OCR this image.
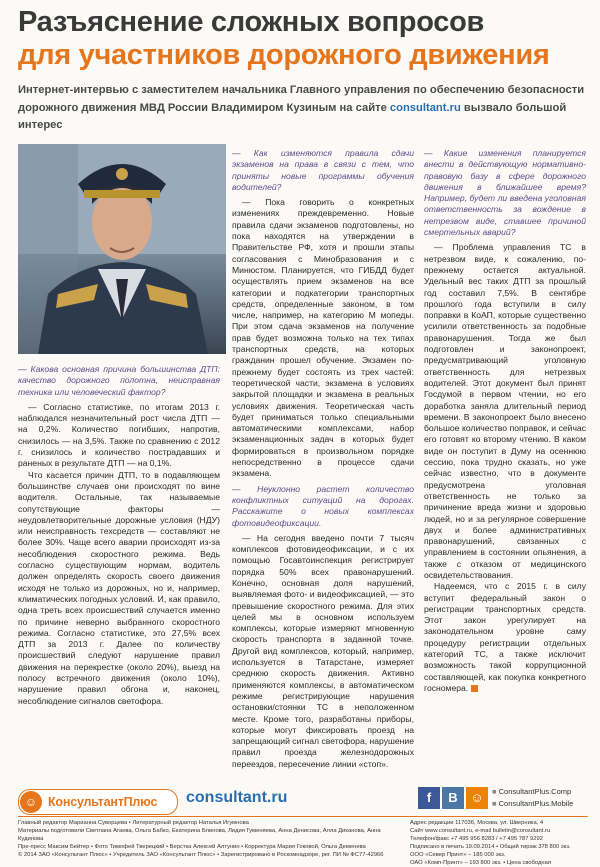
Разъяснение сложных вопросов
для участников дорожного движения
Интернет-интервью с заместителем начальника Главного управления по обеспечению безопасности дорожного движения МВД России Владимиром Кузиным на сайте consultant.ru вызвало большой интерес

— Какова основная причина большинства ДТП: качество дорожного полотна, неисправная техника или человеческий фактор?

— Согласно статистике, по итогам 2013 г. наблюдался незначительный рост числа ДТП — на 0,2%. Количество погибших, напротив, снизилось — на 3,5%. Также по сравнению с 2012 г. снизилось и количество пострадавших и раненых в результате ДТП — на 0,1%.

Что касается причин ДТП, то в подавляющем большинстве случаев они происходят по вине водителя. Остальные, так называемые сопутствующие факторы — неудовлетворительные дорожные условия (НДУ) или неисправность техсредств — составляют не более 30%. Чаще всего аварии происходят из-за несоблюдения скоростного режима. Ведь согласно существующим нормам, водитель должен определять скорость своего движения исходя не только из дорожных, но и, например, климатических погодных условий. И, как правило, одна треть всех происшествий случается именно по причине неверно выбранного скоростного режима. Согласно статистике, это 27,5% всех ДТП за 2013 г. Далее по количеству происшествий следуют нарушение правил движения на перекрестке (около 20%), выезд на полосу встречного движения (около 10%), нарушение правил обгона и, наконец, несоблюдение сигналов светофора.

— Как изменяются правила сдачи экзаменов на права в связи с тем, что приняты новые программы обучения водителей?

— Пока говорить о конкретных изменениях преждевременно. Новые правила сдачи экзаменов подготовлены, но пока находятся на утверждении в Правительстве РФ, хотя и прошли этапы согласования с Минобразования и с Минюстом. Планируется, что ГИБДД будет осуществлять прием экзаменов на все категории и подкатегории транспортных средств, определенные законом, в том числе, например, на категорию М мопеды. При этом сдача экзаменов на получение прав будет возможна только на тех типах транспортных средств, на которых гражданин прошел обучение. Экзамен по-прежнему будет состоять из трех частей: теоретической части, экзамена в условиях закрытой площадки и экзамена в реальных условиях движения. Теоретическая часть будет приниматься только специальными автоматическими комплексами, набор экзаменационных задач в которых будет формироваться в произвольном порядке непосредственно в процессе сдачи экзамена.

— Неуклонно растет количество конфликтных ситуаций на дорогах. Расскажите о новых комплексах фотовидеофиксации.

— На сегодня введено почти 7 тысяч комплексов фотовидеофиксации, и с их помощью Госавтоинспекция регистрирует порядка 50% всех правонарушений. Конечно, основная доля нарушений, выявляемая фото- и видеофиксацией, — это превышение скоростного режима. Для этих целей мы в основном используем комплексы, которые измеряют мгновенную скорость транспорта в заданной точке. Другой вид комплексов, который, например, используется в Татарстане, измеряет среднюю скорость движения. Активно применяются комплексы, в автоматическом режиме регистрирующие нарушения остановки/стоянки ТС в неположенном месте. Кроме того, разработаны приборы, которые могут фиксировать проезд на запрещающий сигнал светофора, нарушение правил проезда железнодорожных переездов, пересечение линии «стоп».

— Какие изменения планируется внести в действующую нормативно-правовую базу в сфере дорожного движения в ближайшее время? Например, будет ли введена уголовная ответственность за вождение в нетрезвом виде, ставшее причиной смертельных аварий?

— Проблема управления ТС в нетрезвом виде, к сожалению, по-прежнему остается актуальной. Удельный вес таких ДТП за прошлый год составил 7,5%. В сентябре прошлого года вступили в силу поправки в КоАП, которые существенно усилили ответственность за подобные правонарушения. Тогда же был подготовлен и законопроект, предусматривающий уголовную ответственность для нетрезвых водителей. Этот документ был принят Госдумой в первом чтении, но его доработка заняла длительный период времени. В законопроект было внесено большое количество поправок, и сейчас его готовят ко второму чтению. В каком виде он поступит в Думу на осеннюю сессию, пока трудно сказать, но уже сейчас известно, что в документе предусмотрена уголовная ответственность не только за причинение вреда жизни и здоровью людей, но и за регулярное совершение двух и более административных правонарушений, связанных с управлением в состоянии опьянения, а также с отказом от медицинского освидетельствования.

Надеемся, что с 2015 г. в силу вступит федеральный закон о регистрации транспортных средств. Этот закон урегулирует на законодательном уровне саму процедуру регистрации отдельных категорий ТС, а также исключит возможность такой коррупционной составляющей, как покупка конкретного госномера.

☺ КонсультантПлюс consultant.ru	f	В ☺
■	ConsultantPlus.Comp
■ ConsultantPlus.Mobile
Главный редактор Марианна Суворцева • Литературный редактор Наталья Игумнова
Материалы подготовили Светлана Агаева, Ольга Бабко, Екатерина Блинова, Лидия Гуменяева, Анна Денисова, Алла Диканова, Анна Кудинова
Пре-пресс Максим Бейтер • Фото Тимофей Тверецкий • Верстка Алексей Алтунин • Корректура Мария Гоковой, Ольга Деменева
© 2014 ЗАО «Консультант Плюс» • Учредитель ЗАО «Консультант Плюс» • Зарегистрировано в Роскомнадзоре, рег. ПИ № ФС77-42966
Адрес редакции 117036, Москва, ул. Шверника, 4
Сайт www.consultant.ru, e-mail bulletin@consultant.ru
Телефон/факс +7 495 956 8283 / +7 495 787 9292
Подписано в печать 19.09.2014 • Общий тираж 378 800 экз.
ООО «Север Принт» – 185 000 экз.
ОАО «Комп-Принт» – 193 800 экз. • Цена свободная
